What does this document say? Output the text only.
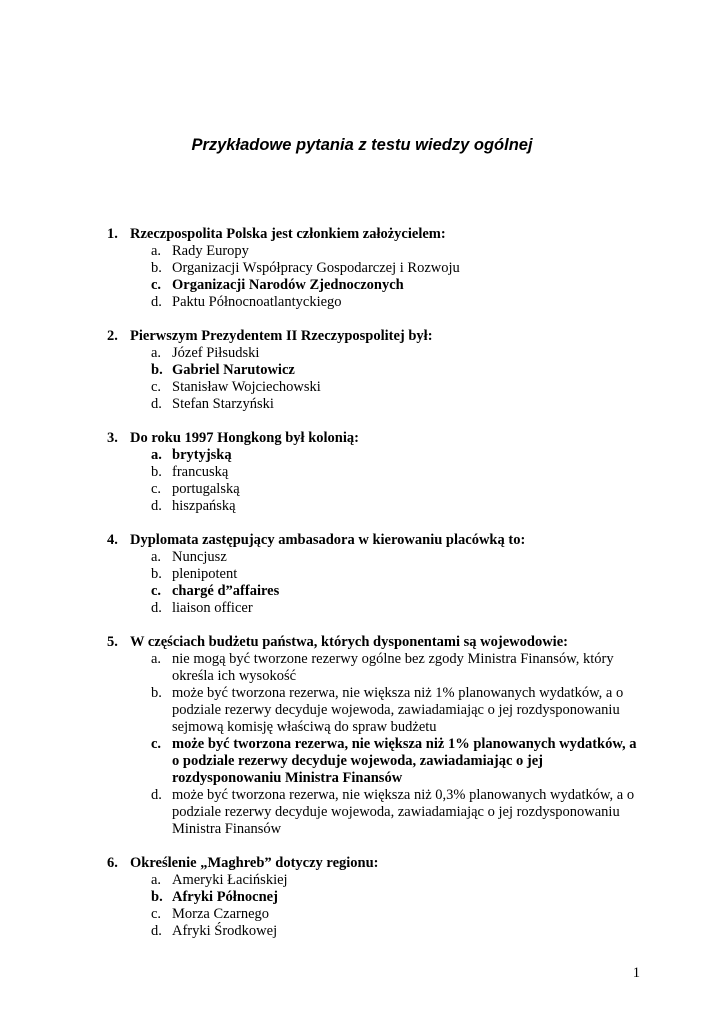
Przykładowe pytania z testu wiedzy ogólnej
1. Rzeczpospolita Polska jest członkiem założycielem:
a. Rady Europy
b. Organizacji Współpracy Gospodarczej i Rozwoju
c. Organizacji Narodów Zjednoczonych
d. Paktu Północnoatlantyckiego
2. Pierwszym Prezydentem II Rzeczypospolitej był:
a. Józef Piłsudski
b. Gabriel Narutowicz
c. Stanisław Wojciechowski
d. Stefan Starzyński
3. Do roku 1997 Hongkong był kolonią:
a. brytyjską
b. francuską
c. portugalską
d. hiszpańską
4. Dyplomata zastępujący ambasadora w kierowaniu placówką to:
a. Nuncjusz
b. plenipotent
c. chargé d”affaires
d. liaison officer
5. W częściach budżetu państwa, których dysponentami są wojewodowie:
a. nie mogą być tworzone rezerwy ogólne bez zgody Ministra Finansów, który określa ich wysokość
b. może być tworzona rezerwa, nie większa niż 1% planowanych wydatków, a o podziale rezerwy decyduje wojewoda, zawiadamiając o jej rozdysponowaniu sejmową komisję właściwą do spraw budżetu
c. może być tworzona rezerwa, nie większa niż 1% planowanych wydatków, a o podziale rezerwy decyduje wojewoda, zawiadamiając o jej rozdysponowaniu Ministra Finansów
d. może być tworzona rezerwa, nie większa niż 0,3% planowanych wydatków, a o podziale rezerwy decyduje wojewoda, zawiadamiając o jej rozdysponowaniu Ministra Finansów
6. Określenie „Maghreb” dotyczy regionu:
a. Ameryki Łacińskiej
b. Afryki Północnej
c. Morza Czarnego
d. Afryki Środkowej
1
